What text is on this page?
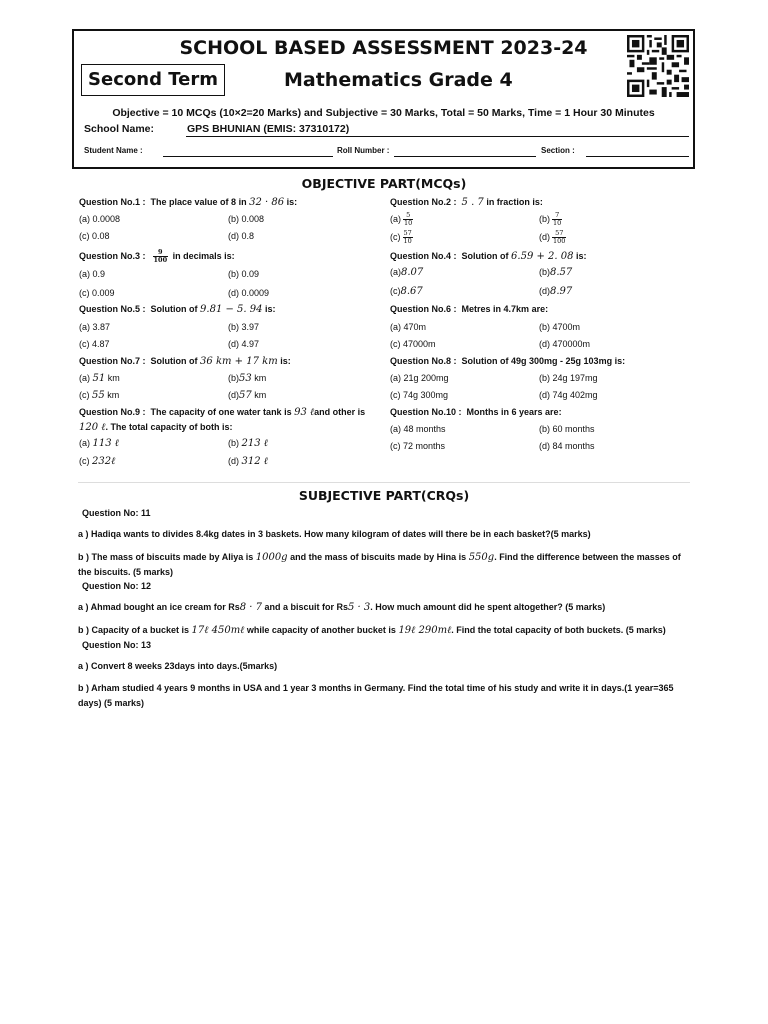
SCHOOL BASED ASSESSMENT 2023-24
Second Term	Mathematics Grade 4
Objective = 10 MCQs (10×2=20 Marks) and Subjective = 30 Marks, Total = 50 Marks, Time = 1 Hour 30 Minutes
School Name:	GPS BHUNIAN (EMIS: 37310172)
Student Name :	Roll Number :	Section :
OBJECTIVE PART(MCQs)
Question No.1 : The place value of 8 in 32 · 86 is:
(a) 0.0008	(b) 0.008
(c) 0.08	(d) 0.8
Question No.2 : 5 . 7 in fraction is:
$(a) \frac{5}{10}$	$(b) \frac{7}{10}$
$(c) \frac{57}{10}$	$(d) \frac{57}{100}$
Question No.3 : $\frac{9}{100}$ in decimals is:
(a) 0.9	(b) 0.09
(c) 0.009	(d) 0.0009
Question No.4 : Solution of 6.59 + 2. 08 is:
(a)8.07	(b)8.57
(c)8.67	(d)8.97
Question No.5 : Solution of 9.81 − 5. 94 is:
(a) 3.87	(b) 3.97
(c) 4.87	(d) 4.97
Question No.6 : Metres in 4.7km are:
(a) 470m	(b) 4700m
(c) 47000m	(d) 470000m
Question No.7 : Solution of 36 km + 17 km is:
(a) 51 km	(b)53 km
(c) 55 km	(d)57 km
Question No.8 : Solution of 49g 300mg - 25g 103mg is:
(a) 21g 200mg	(b) 24g 197mg
(c) 74g 300mg	(d) 74g 402mg
Question No.9 : The capacity of one water tank is 93 ℓand other is
120 ℓ. The total capacity of both is:
(a) 113 ℓ	(b) 213 ℓ
(c) 232ℓ	(d) 312 ℓ
Question No.10 : Months in 6 years are:
(a) 48 months	(b) 60 months
(c) 72 months	(d) 84 months
SUBJECTIVE PART(CRQs)
Question No: 11
a ) Hadiqa wants to divides 8.4kg dates in 3 baskets. How many kilogram of dates will there be in each basket?(5 marks)
b ) The mass of biscuits made by Aliya is 1000g and the mass of biscuits made by Hina is 550g. Find the difference between the masses of
the biscuits. (5 marks)
Question No: 12
a ) Ahmad bought an ice cream for Rs8 · 7 and a biscuit for Rs5 · 3. How much amount did he spent altogether? (5 marks)
b ) Capacity of a bucket is 17ℓ 450mℓ while capacity of another bucket is 19ℓ 290mℓ. Find the total capacity of both buckets. (5 marks)
Question No: 13
a ) Convert 8 weeks 23days into days.(5marks)
b ) Arham studied 4 years 9 months in USA and 1 year 3 months in Germany. Find the total time of his study and write it in days.(1 year=365
days) (5 marks)
